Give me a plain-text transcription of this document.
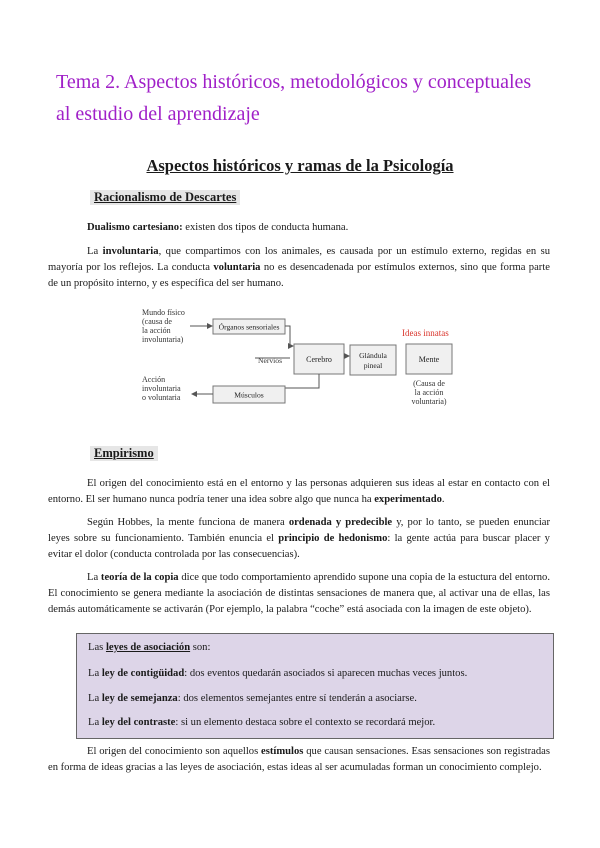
Tema 2. Aspectos históricos, metodológicos y conceptuales
al estudio del aprendizaje
Aspectos históricos y ramas de la Psicología
Racionalismo de Descartes
Dualismo cartesiano: existen dos tipos de conducta humana.
La involuntaria, que compartimos con los animales, es causada por un estímulo externo, regidas en su mayoría por los reflejos. La conducta voluntaria no es desencadenada por estímulos externos, sino que forma parte de un propósito interno, y es específica del ser humano.
Mundo físico
(causa de
la acción
involuntaria)
Órganos sensoriales
Nervios	Cerebro	Glándula
pineal
Ideas innatas
Mente
Músculos
Acción
involuntaria
o voluntaria
(Causa de
la acción
voluntaria)
Empirismo
El origen del conocimiento está en el entorno y las personas adquieren sus ideas al estar en contacto con el entorno. El ser humano nunca podría tener una idea sobre algo que nunca ha experimentado.
Según Hobbes, la mente funciona de manera ordenada y predecible y, por lo tanto, se pueden enunciar leyes sobre su funcionamiento. También enuncia el principio de hedonismo: la gente actúa para buscar placer y evitar el dolor (conducta controlada por las consecuencias).
La teoría de la copia dice que todo comportamiento aprendido supone una copia de la estuctura del entorno. El conocimiento se genera mediante la asociación de distintas sensaciones de manera que, al activar una de ellas, las demás automáticamente se activarán (Por ejemplo, la palabra “coche” está asociada con la imagen de este objeto).
Las leyes de asociación son:
La ley de contigüidad: dos eventos quedarán asociados si aparecen muchas veces juntos.
La ley de semejanza: dos elementos semejantes entre sí tenderán a asociarse.
La ley del contraste: si un elemento destaca sobre el contexto se recordará mejor.
El origen del conocimiento son aquellos estímulos que causan sensaciones. Esas sensaciones son registradas en forma de ideas gracias a las leyes de asociación, estas ideas al ser acumuladas forman un conocimiento complejo.
